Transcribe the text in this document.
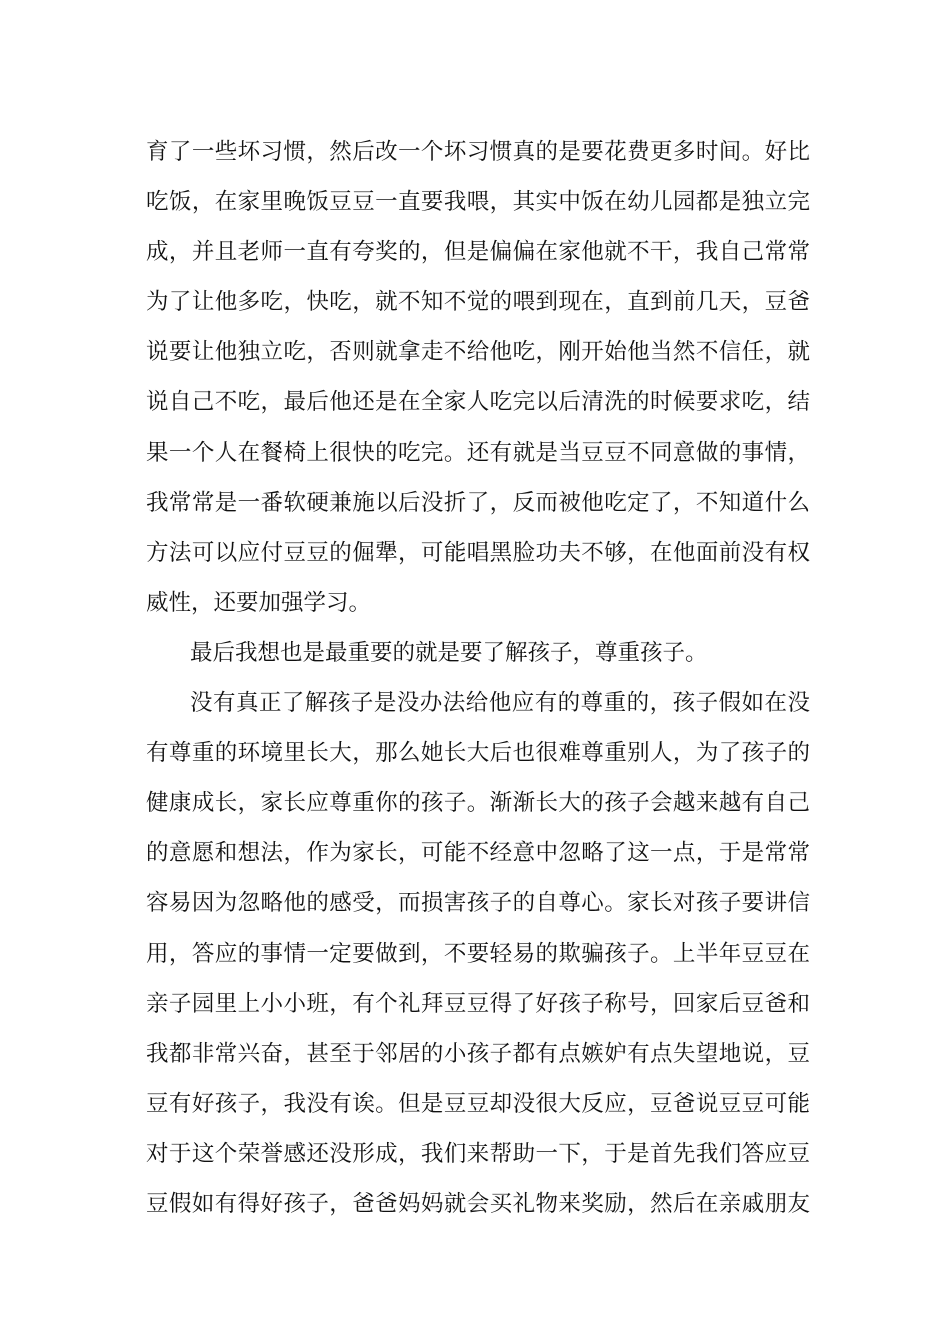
育了一些坏习惯，然后改一个坏习惯真的是要花费更多时间。好比
吃饭，在家里晚饭豆豆一直要我喂，其实中饭在幼儿园都是独立完
成，并且老师一直有夸奖的，但是偏偏在家他就不干，我自己常常
为了让他多吃，快吃，就不知不觉的喂到现在，直到前几天，豆爸
说要让他独立吃，否则就拿走不给他吃，刚开始他当然不信任，就
说自己不吃，最后他还是在全家人吃完以后清洗的时候要求吃，结
果一个人在餐椅上很快的吃完。还有就是当豆豆不同意做的事情，
我常常是一番软硬兼施以后没折了，反而被他吃定了，不知道什么
方法可以应付豆豆的倔犟，可能唱黑脸功夫不够，在他面前没有权
威性，还要加强学习。
最后我想也是最重要的就是要了解孩子，尊重孩子。
没有真正了解孩子是没办法给他应有的尊重的，孩子假如在没
有尊重的环境里长大，那么她长大后也很难尊重别人，为了孩子的
健康成长，家长应尊重你的孩子。渐渐长大的孩子会越来越有自己
的意愿和想法，作为家长，可能不经意中忽略了这一点，于是常常
容易因为忽略他的感受，而损害孩子的自尊心。家长对孩子要讲信
用，答应的事情一定要做到，不要轻易的欺骗孩子。上半年豆豆在
亲子园里上小小班，有个礼拜豆豆得了好孩子称号，回家后豆爸和
我都非常兴奋，甚至于邻居的小孩子都有点嫉妒有点失望地说，豆
豆有好孩子，我没有诶。但是豆豆却没很大反应，豆爸说豆豆可能
对于这个荣誉感还没形成，我们来帮助一下，于是首先我们答应豆
豆假如有得好孩子，爸爸妈妈就会买礼物来奖励，然后在亲戚朋友
